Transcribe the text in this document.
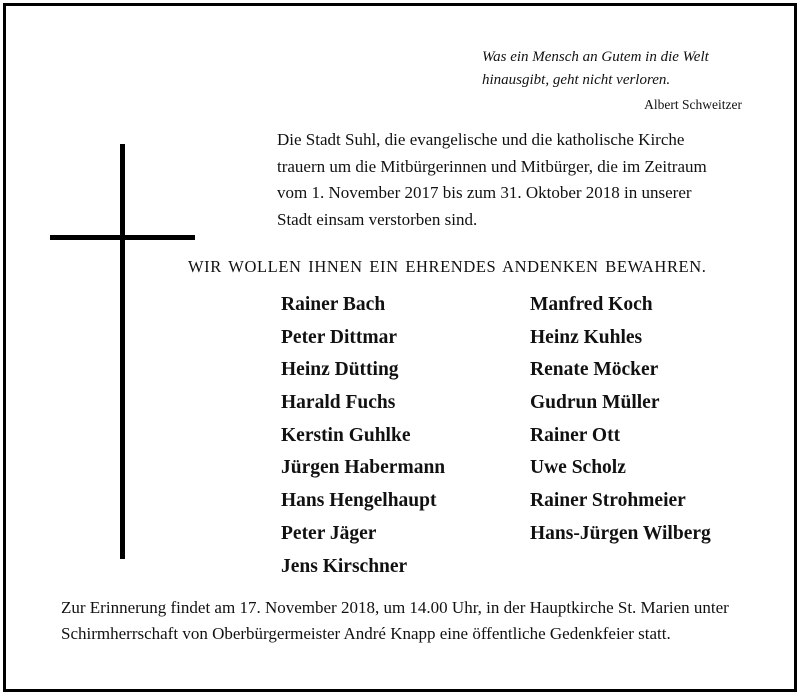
Was ein Mensch an Gutem in die Welt
hinausgibt, geht nicht verloren.
Albert Schweitzer
Die Stadt Suhl, die evangelische und die katholische Kirche
trauern um die Mitbürgerinnen und Mitbürger, die im Zeitraum
vom 1. November 2017 bis zum 31. Oktober 2018 in unserer
Stadt einsam verstorben sind.
WIR WOLLEN IHNEN EIN EHRENDES ANDENKEN BEWAHREN.
Rainer Bach
Peter Dittmar
Heinz Dütting
Harald Fuchs
Kerstin Guhlke
Jürgen Habermann
Hans Hengelhaupt
Peter Jäger
Jens Kirschner
Manfred Koch
Heinz Kuhles
Renate Möcker
Gudrun Müller
Rainer Ott
Uwe Scholz
Rainer Strohmeier
Hans-Jürgen Wilberg
Zur Erinnerung findet am 17. November 2018, um 14.00 Uhr, in der Hauptkirche St. Marien unter
Schirmherrschaft von Oberbürgermeister André Knapp eine öffentliche Gedenkfeier statt.
